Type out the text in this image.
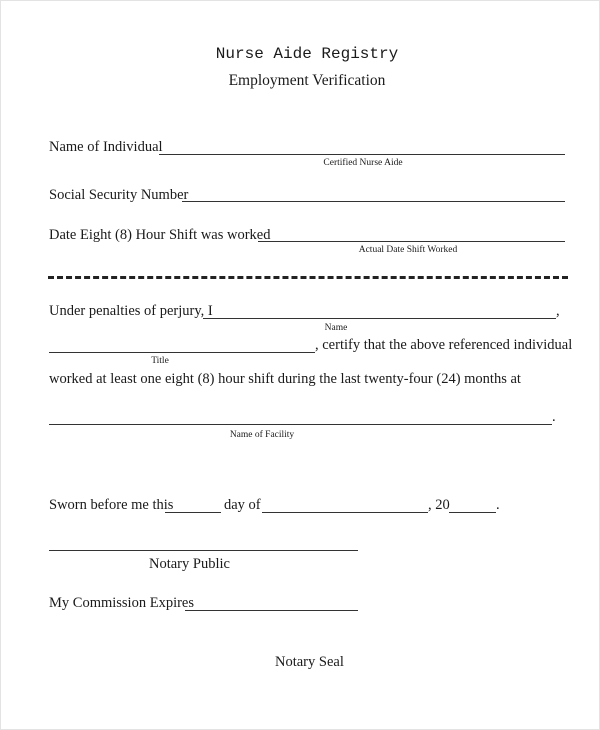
Nurse Aide Registry
Employment Verification
Name of Individual
Certified Nurse Aide
Social Security Number
Date Eight (8) Hour Shift was worked
Actual Date Shift Worked
Under penalties of perjury, I	,
Name
, certify that the above referenced individual
Title
worked at least one eight (8) hour shift during the last twenty-four (24) months at
.
Name of Facility
Sworn before me this	day of	, 20	.
Notary Public
My Commission Expires
Notary Seal
